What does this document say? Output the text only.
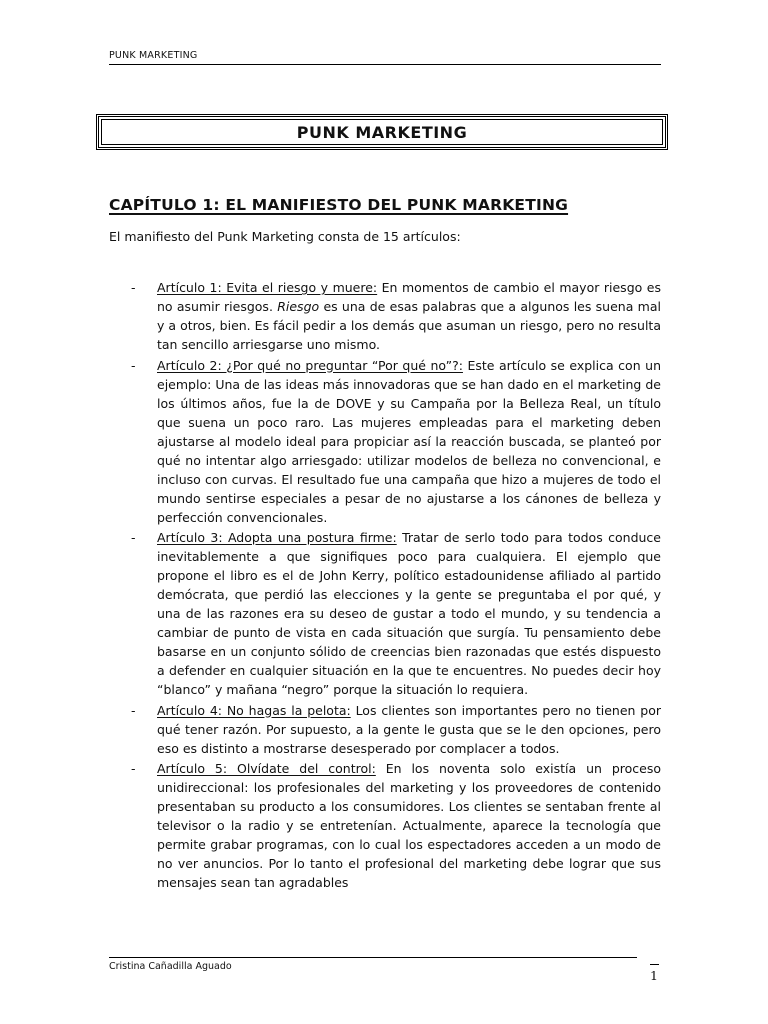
PUNK MARKETING
PUNK MARKETING
CAPÍTULO 1: EL MANIFIESTO DEL PUNK MARKETING
El manifiesto del Punk Marketing consta de 15 artículos:
- Artículo 1: Evita el riesgo y muere: En momentos de cambio el mayor riesgo es no asumir riesgos. Riesgo es una de esas palabras que a algunos les suena mal y a otros, bien. Es fácil pedir a los demás que asuman un riesgo, pero no resulta tan sencillo arriesgarse uno mismo.
- Artículo 2: ¿Por qué no preguntar “Por qué no”?: Este artículo se explica con un ejemplo: Una de las ideas más innovadoras que se han dado en el marketing de los últimos años, fue la de DOVE y su Campaña por la Belleza Real, un título que suena un poco raro. Las mujeres empleadas para el marketing deben ajustarse al modelo ideal para propiciar así la reacción buscada, se planteó por qué no intentar algo arriesgado: utilizar modelos de belleza no convencional, e incluso con curvas. El resultado fue una campaña que hizo a mujeres de todo el mundo sentirse especiales a pesar de no ajustarse a los cánones de belleza y perfección convencionales.
- Artículo 3: Adopta una postura firme: Tratar de serlo todo para todos conduce inevitablemente a que signifiques poco para cualquiera. El ejemplo que propone el libro es el de John Kerry, político estadounidense afiliado al partido demócrata, que perdió las elecciones y la gente se preguntaba el por qué, y una de las razones era su deseo de gustar a todo el mundo, y su tendencia a cambiar de punto de vista en cada situación que surgía. Tu pensamiento debe basarse en un conjunto sólido de creencias bien razonadas que estés dispuesto a defender en cualquier situación en la que te encuentres. No puedes decir hoy “blanco” y mañana “negro” porque la situación lo requiera.
- Artículo 4: No hagas la pelota: Los clientes son importantes pero no tienen por qué tener razón. Por supuesto, a la gente le gusta que se le den opciones, pero eso es distinto a mostrarse desesperado por complacer a todos.
- Artículo 5: Olvídate del control: En los noventa solo existía un proceso unidireccional: los profesionales del marketing y los proveedores de contenido presentaban su producto a los consumidores. Los clientes se sentaban frente al televisor o la radio y se entretenían. Actualmente, aparece la tecnología que permite grabar programas, con lo cual los espectadores acceden a un modo de no ver anuncios. Por lo tanto el profesional del marketing debe lograr que sus mensajes sean tan agradables
Cristina Cañadilla Aguado
1
